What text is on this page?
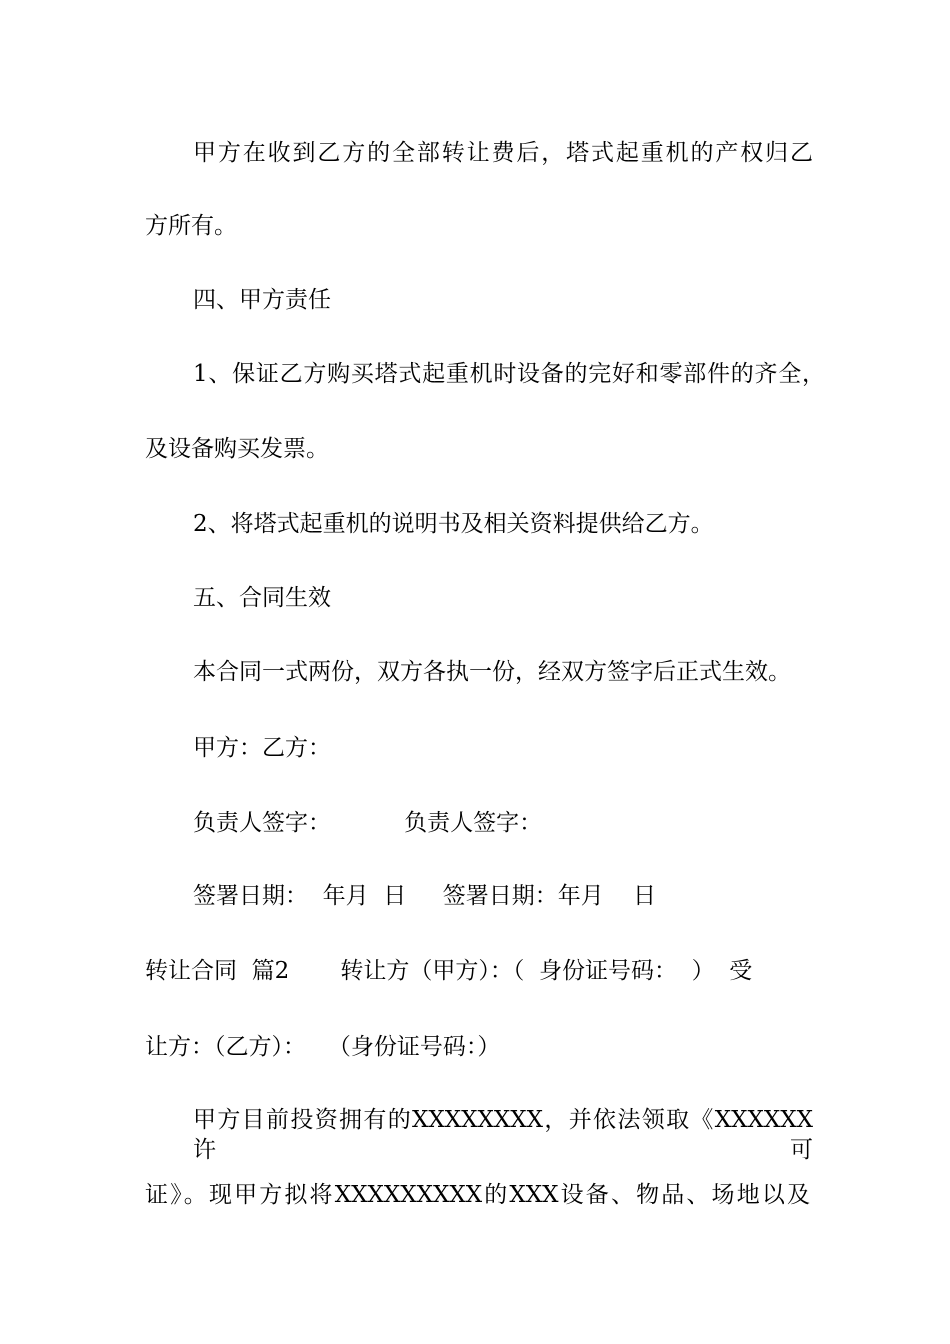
甲方在收到乙方的全部转让费后，塔式起重机的产权归乙
方所有。
四、甲方责任
1、保证乙方购买塔式起重机时设备的完好和零部件的齐全，
及设备购买发票。
2、将塔式起重机的说明书及相关资料提供给乙方。
五、合同生效
本合同一式两份，双方各执一份，经双方签字后正式生效。
甲方：乙方：
负责人签字：          负责人签字：
签署日期：  年月  日     签署日期：年月    日
转让合同  篇2       转让方（甲方）：（  身份证号码：  ）  受
让方：（乙方）：   （身份证号码：）
甲方目前投资拥有的XXXXXXXX，并依法领取《XXXXXX许可
证》。现甲方拟将XXXXXXXXX的XXX设备、物品、场地以及
